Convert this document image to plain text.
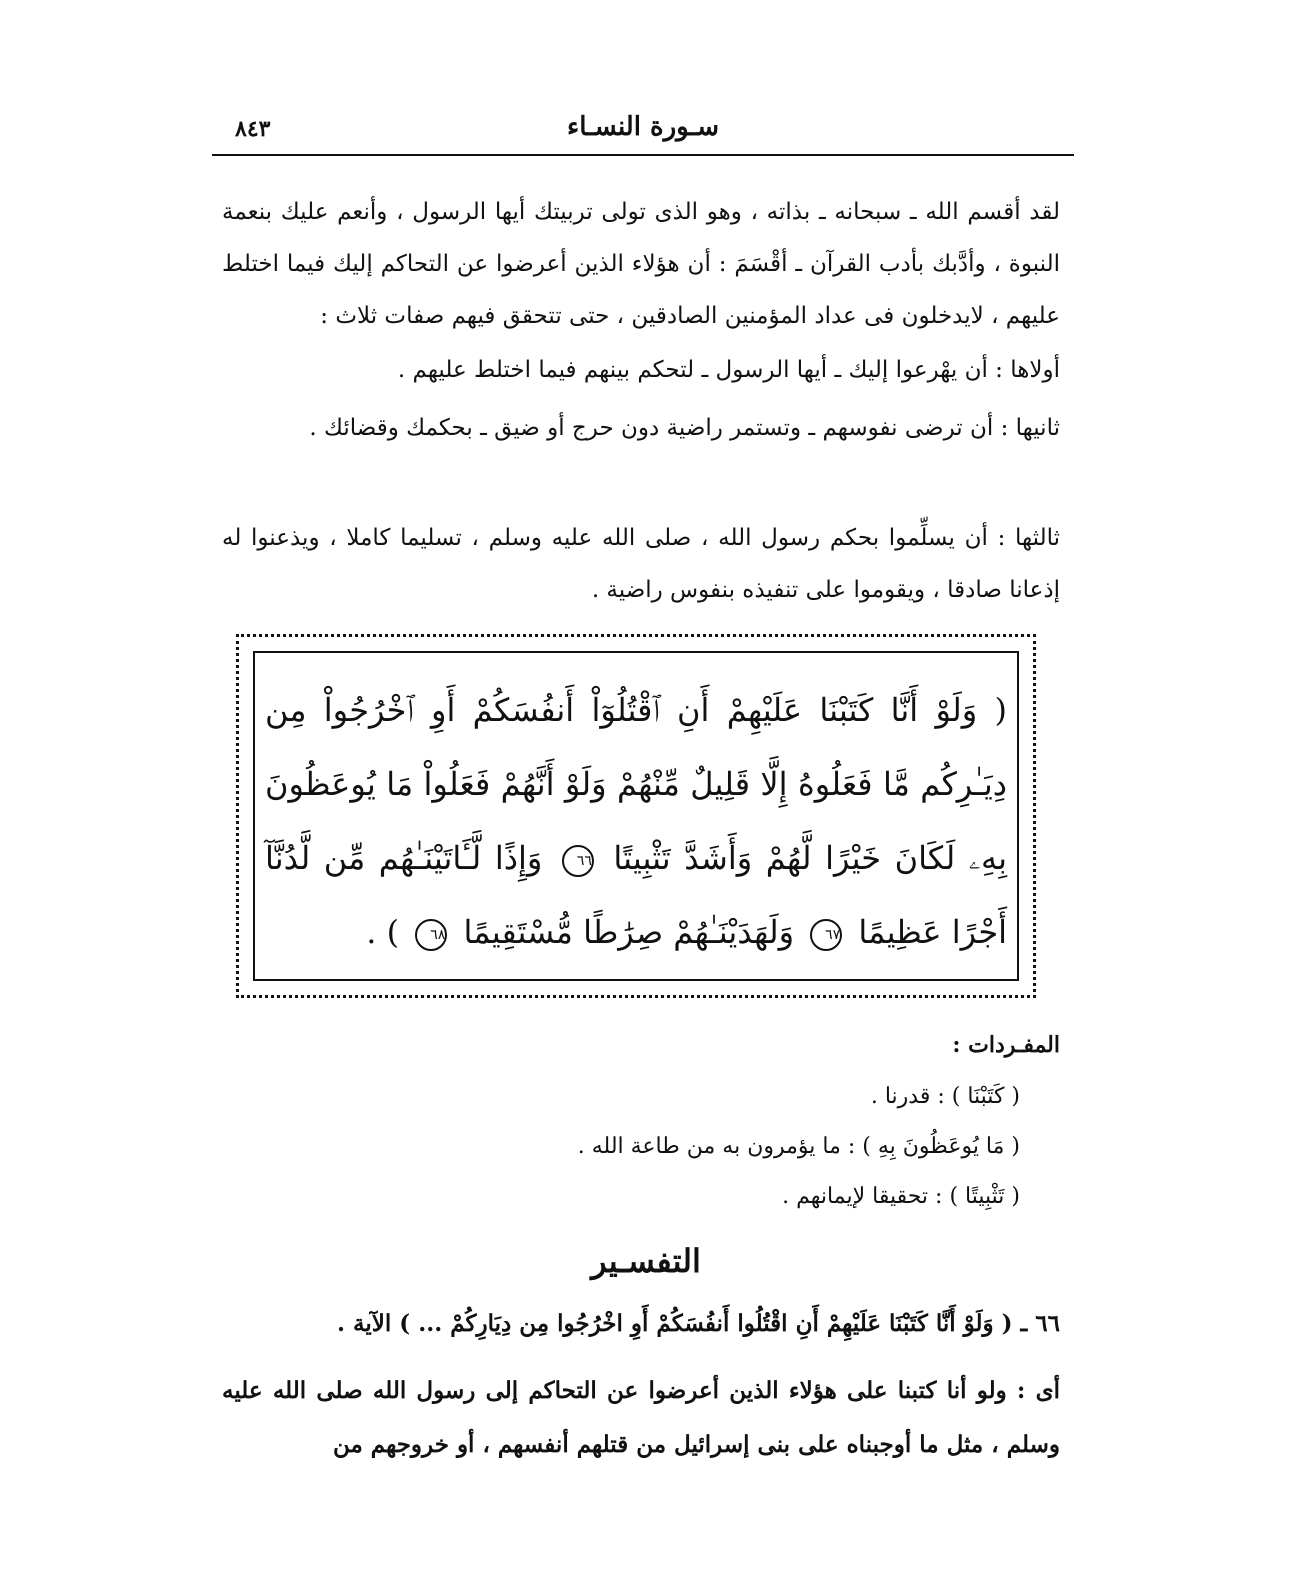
٨٤٣	سـورة النسـاء
لقد أقسم الله ـ سبحانه ـ بذاته ، وهو الذى تولى تربيتك أيها الرسول ، وأنعم عليك بنعمة النبوة ، وأدَّبك بأدب القرآن ـ أقْسَمَ : أن هؤلاء الذين أعرضوا عن التحاكم إليك فيما اختلط عليهم ، لايدخلون فى عداد المؤمنين الصادقين ، حتى تتحقق فيهم صفات ثلاث :
أولاها : أن يهْرعوا إليك ـ أيها الرسول ـ لتحكم بينهم فيما اختلط عليهم .
ثانيها : أن ترضى نفوسهم ـ وتستمر راضية دون حرج أو ضيق ـ بحكمك وقضائك .
ثالثها : أن يسلِّموا بحكم رسول الله ، صلى الله عليه وسلم ، تسليما كاملا ، ويذعنوا له إذعانا صادقا ، ويقوموا على تنفيذه بنفوس راضية .
( وَلَوْ أَنَّا كَتَبْنَا عَلَيْهِمْ أَنِ ٱقْتُلُوٓاْ أَنفُسَكُمْ أَوِ ٱخْرُجُواْ مِن دِيَـٰرِكُم مَّا فَعَلُوهُ إِلَّا قَلِيلٌ مِّنْهُمْ وَلَوْ أَنَّهُمْ فَعَلُواْ مَا يُوعَظُونَ بِهِۦ لَكَانَ خَيْرًا لَّهُمْ وَأَشَدَّ تَثْبِيتًا ٦٦ وَإِذًا لَّـَٔاتَيْنَـٰهُم مِّن لَّدُنَّآ أَجْرًا عَظِيمًا ٦٧ وَلَهَدَيْنَـٰهُمْ صِرَٰطًا مُّسْتَقِيمًا ٦٨ ) .
المفـردات :
( كَتَبْنَا ) : قدرنا .
( مَا يُوعَظُونَ بِهِ ) : ما يؤمرون به من طاعة الله .
( تَثْبِيتًا ) : تحقيقا لإيمانهم .
التفسـير
٦٦ ـ ( وَلَوْ أَنَّا كَتَبْنَا عَلَيْهِمْ أَنِ اقْتُلُوا أَنفُسَكُمْ أَوِ اخْرُجُوا مِن دِيَارِكُمْ ... ) الآية .
أى : ولو أنا كتبنا على هؤلاء الذين أعرضوا عن التحاكم إلى رسول الله صلى الله عليه وسلم ، مثل ما أوجبناه على بنى إسرائيل من قتلهم أنفسهم ، أو خروجهم من
